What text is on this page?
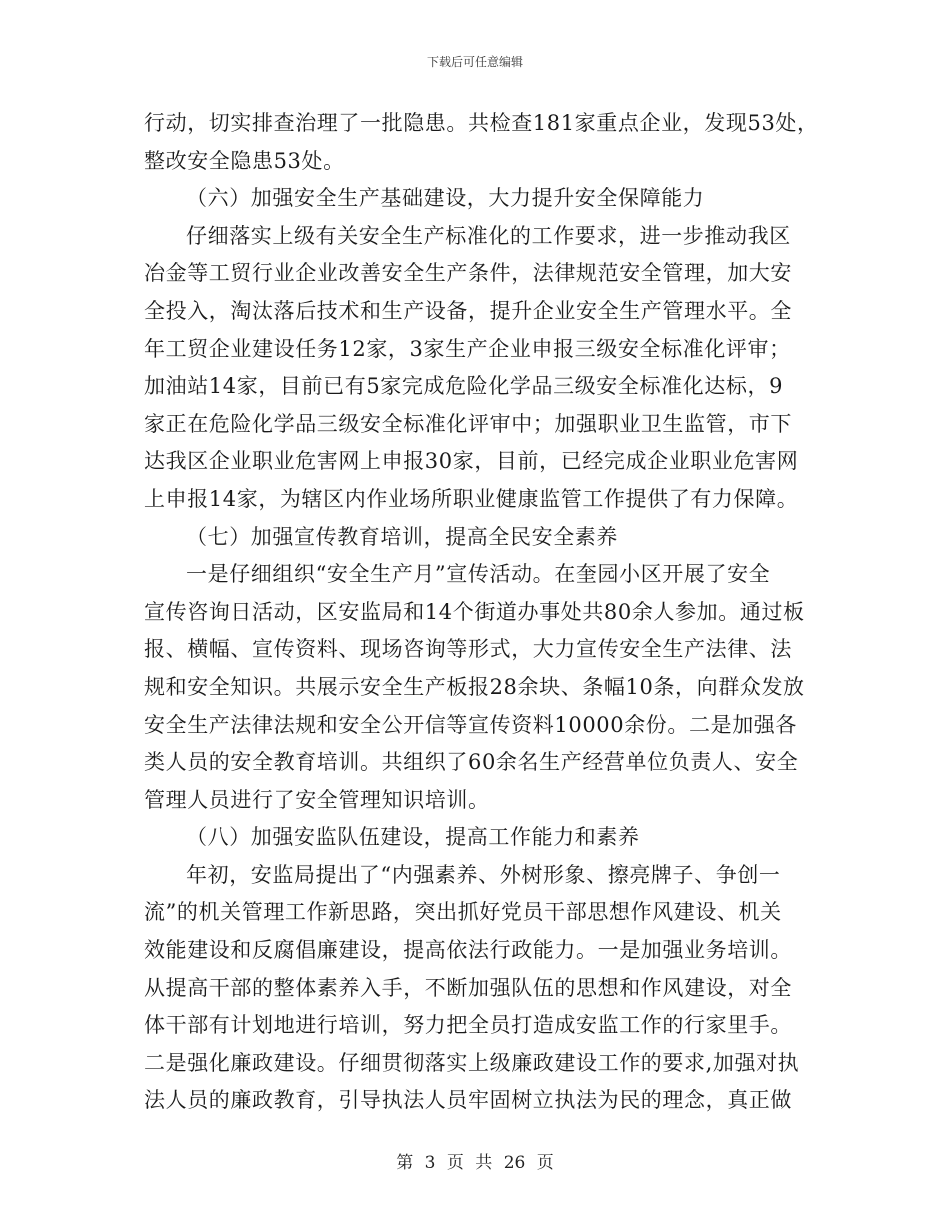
下载后可任意编辑
行动，切实排查治理了一批隐患。共检查181家重点企业，发现53处，
整改安全隐患53处。
（六）加强安全生产基础建设，大力提升安全保障能力
仔细落实上级有关安全生产标准化的工作要求，进一步推动我区
冶金等工贸行业企业改善安全生产条件，法律规范安全管理，加大安
全投入，淘汰落后技术和生产设备，提升企业安全生产管理水平。全
年工贸企业建设任务12家，3家生产企业申报三级安全标准化评审；
加油站14家，目前已有5家完成危险化学品三级安全标准化达标，9
家正在危险化学品三级安全标准化评审中；加强职业卫生监管，市下
达我区企业职业危害网上申报30家，目前，已经完成企业职业危害网
上申报14家，为辖区内作业场所职业健康监管工作提供了有力保障。
（七）加强宣传教育培训，提高全民安全素养
一是仔细组织“安全生产月”宣传活动。在奎园小区开展了安全
宣传咨询日活动，区安监局和14个街道办事处共80余人参加。通过板
报、横幅、宣传资料、现场咨询等形式，大力宣传安全生产法律、法
规和安全知识。共展示安全生产板报28余块、条幅10条，向群众发放
安全生产法律法规和安全公开信等宣传资料10000余份。二是加强各
类人员的安全教育培训。共组织了60余名生产经营单位负责人、安全
管理人员进行了安全管理知识培训。
（八）加强安监队伍建设，提高工作能力和素养
年初，安监局提出了“内强素养、外树形象、擦亮牌子、争创一
流”的机关管理工作新思路，突出抓好党员干部思想作风建设、机关
效能建设和反腐倡廉建设，提高依法行政能力。一是加强业务培训。
从提高干部的整体素养入手，不断加强队伍的思想和作风建设，对全
体干部有计划地进行培训，努力把全员打造成安监工作的行家里手。
二是强化廉政建设。仔细贯彻落实上级廉政建设工作的要求,加强对执
法人员的廉政教育，引导执法人员牢固树立执法为民的理念，真正做
第 3 页 共 26 页
